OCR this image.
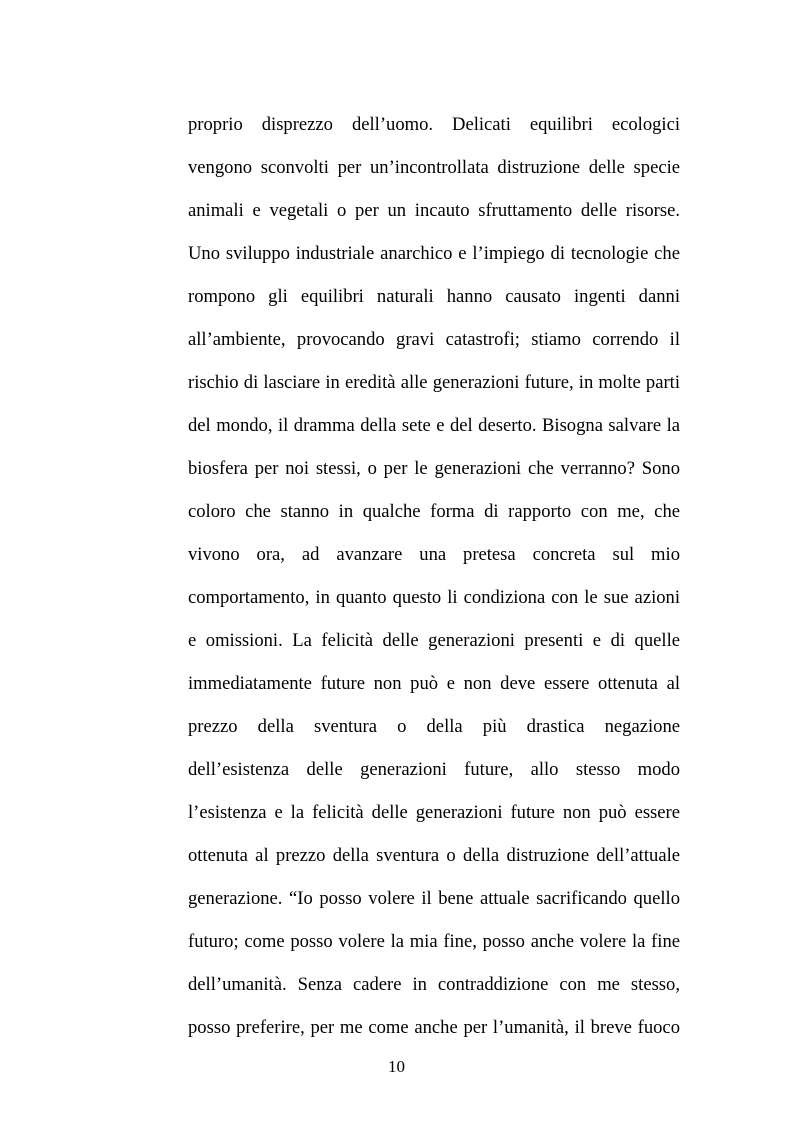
proprio disprezzo dell’uomo. Delicati equilibri ecologici
vengono sconvolti per un’incontrollata distruzione delle specie
animali e vegetali o per un incauto sfruttamento delle risorse.
Uno sviluppo industriale anarchico e l’impiego di tecnologie che
rompono gli equilibri naturali hanno causato ingenti danni
all’ambiente, provocando gravi catastrofi; stiamo correndo il
rischio di lasciare in eredità alle generazioni future, in molte parti
del mondo, il dramma della sete e del deserto. Bisogna salvare la
biosfera per noi stessi, o per le generazioni che verranno? Sono
coloro che stanno in qualche forma di rapporto con me, che
vivono ora, ad avanzare una pretesa concreta sul mio
comportamento, in quanto questo li condiziona con le sue azioni
e omissioni. La felicità delle generazioni presenti e di quelle
immediatamente future non può e non deve essere ottenuta al
prezzo della sventura o della più drastica negazione
dell’esistenza delle generazioni future, allo stesso modo
l’esistenza e la felicità delle generazioni future non può essere
ottenuta al prezzo della sventura o della distruzione dell’attuale
generazione. “Io posso volere il bene attuale sacrificando quello
futuro; come posso volere la mia fine, posso anche volere la fine
dell’umanità. Senza cadere in contraddizione con me stesso,
posso preferire, per me come anche per l’umanità, il breve fuoco
10
